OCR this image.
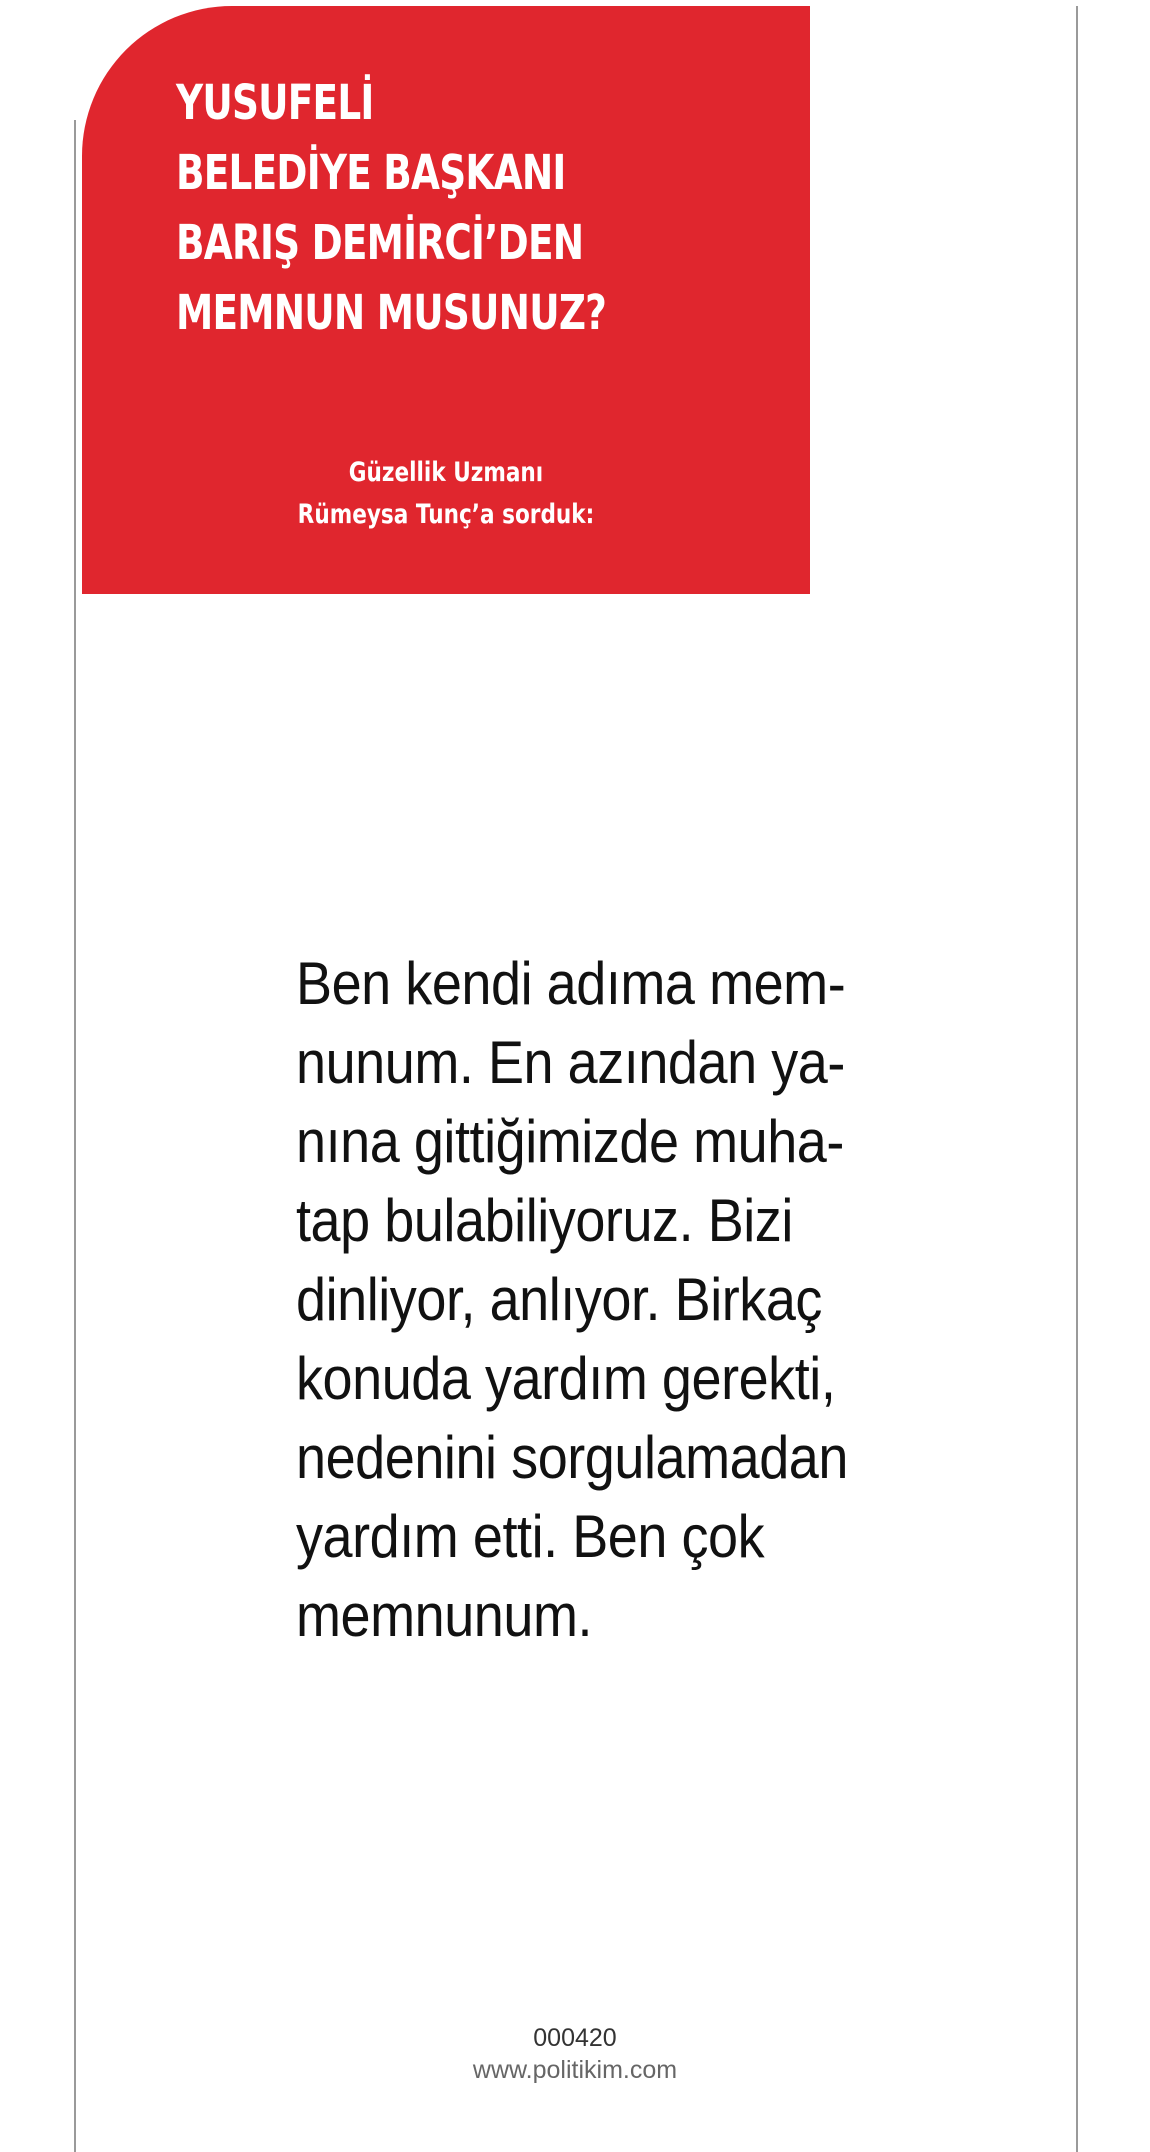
YUSUFELİ
BELEDİYE BAŞKANI
BARIŞ DEMİRCİ’DEN
MEMNUN MUSUNUZ?
Güzellik Uzmanı
Rümeysa Tunç’a sorduk:
Ben kendi adıma mem-
nunum. En azından ya-
nına gittiğimizde muha-
tap bulabiliyoruz. Bizi
dinliyor, anlıyor. Birkaç
konuda yardım gerekti,
nedenini sorgulamadan
yardım etti. Ben çok
memnunum.
000420
www.politikim.com
